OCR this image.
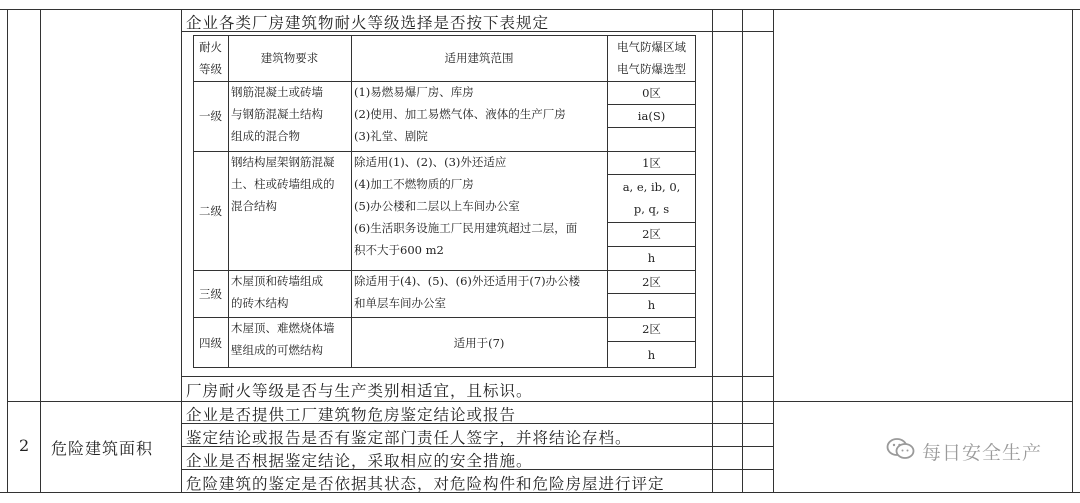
企业各类厂房建筑物耐火等级选择是否按下表规定
耐火
等级
建筑物要求	适用建筑范围
电气防爆区域
电气防爆选型
一级
钢筋混凝土或砖墙
与钢筋混凝土结构
组成的混合物
(1)易燃易爆厂房、库房
(2)使用、加工易燃气体、液体的生产厂房
(3)礼堂、剧院
0区
ia(S)
二级
钢结构屋架钢筋混凝
土、柱或砖墙组成的
混合结构
除适用(1)、(2)、(3)外还适应
(4)加工不燃物质的厂房
(5)办公楼和二层以上车间办公室
(6)生活职务设施工厂民用建筑超过二层，面
积不大于600 m2
1区
a, e, ib, 0,
p, q, s
2区
h
三级
木屋顶和砖墙组成
的砖木结构
除适用于(4)、(5)、(6)外还适用于(7)办公楼
和单层车间办公室
2区
h
四级
木屋顶、难燃烧体墙
壁组成的可燃结构
适用于(7)
2区
h
厂房耐火等级是否与生产类别相适宜，且标识。
2 危险建筑面积
企业是否提供工厂建筑物危房鉴定结论或报告
鉴定结论或报告是否有鉴定部门责任人签字，并将结论存档。
企业是否根据鉴定结论，采取相应的安全措施。
危险建筑的鉴定是否依据其状态，对危险构件和危险房屋进行评定
每日安全生产
